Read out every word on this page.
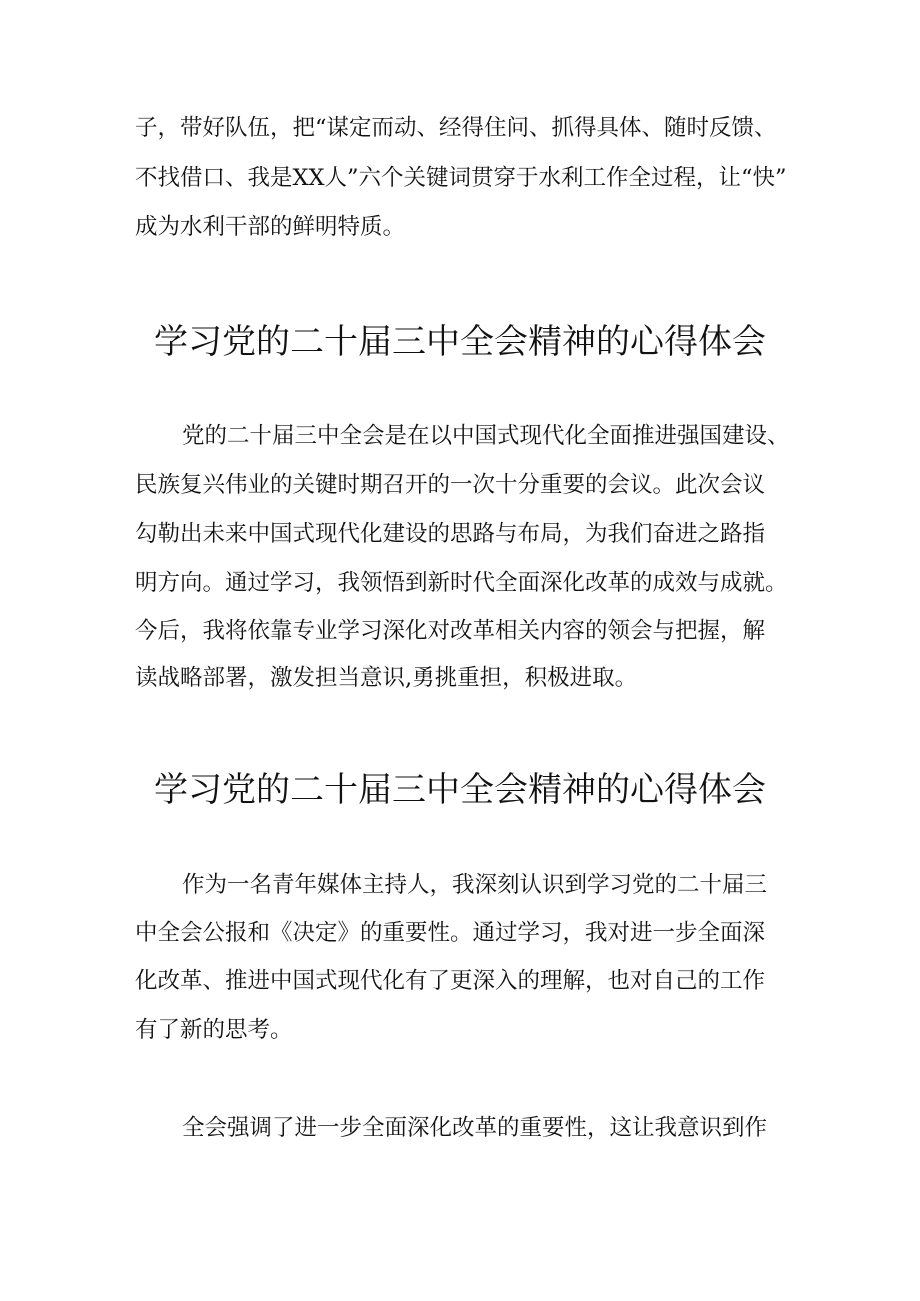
子，带好队伍，把“谋定而动、经得住问、抓得具体、随时反馈、
不找借口、我是XX人”六个关键词贯穿于水利工作全过程，让“快”
成为水利干部的鲜明特质。
学习党的二十届三中全会精神的心得体会
党的二十届三中全会是在以中国式现代化全面推进强国建设、
民族复兴伟业的关键时期召开的一次十分重要的会议。此次会议
勾勒出未来中国式现代化建设的思路与布局，为我们奋进之路指
明方向。通过学习，我领悟到新时代全面深化改革的成效与成就。
今后，我将依靠专业学习深化对改革相关内容的领会与把握，解
读战略部署，激发担当意识,勇挑重担，积极进取。
学习党的二十届三中全会精神的心得体会
作为一名青年媒体主持人，我深刻认识到学习党的二十届三
中全会公报和《决定》的重要性。通过学习，我对进一步全面深
化改革、推进中国式现代化有了更深入的理解，也对自己的工作
有了新的思考。
全会强调了进一步全面深化改革的重要性，这让我意识到作
